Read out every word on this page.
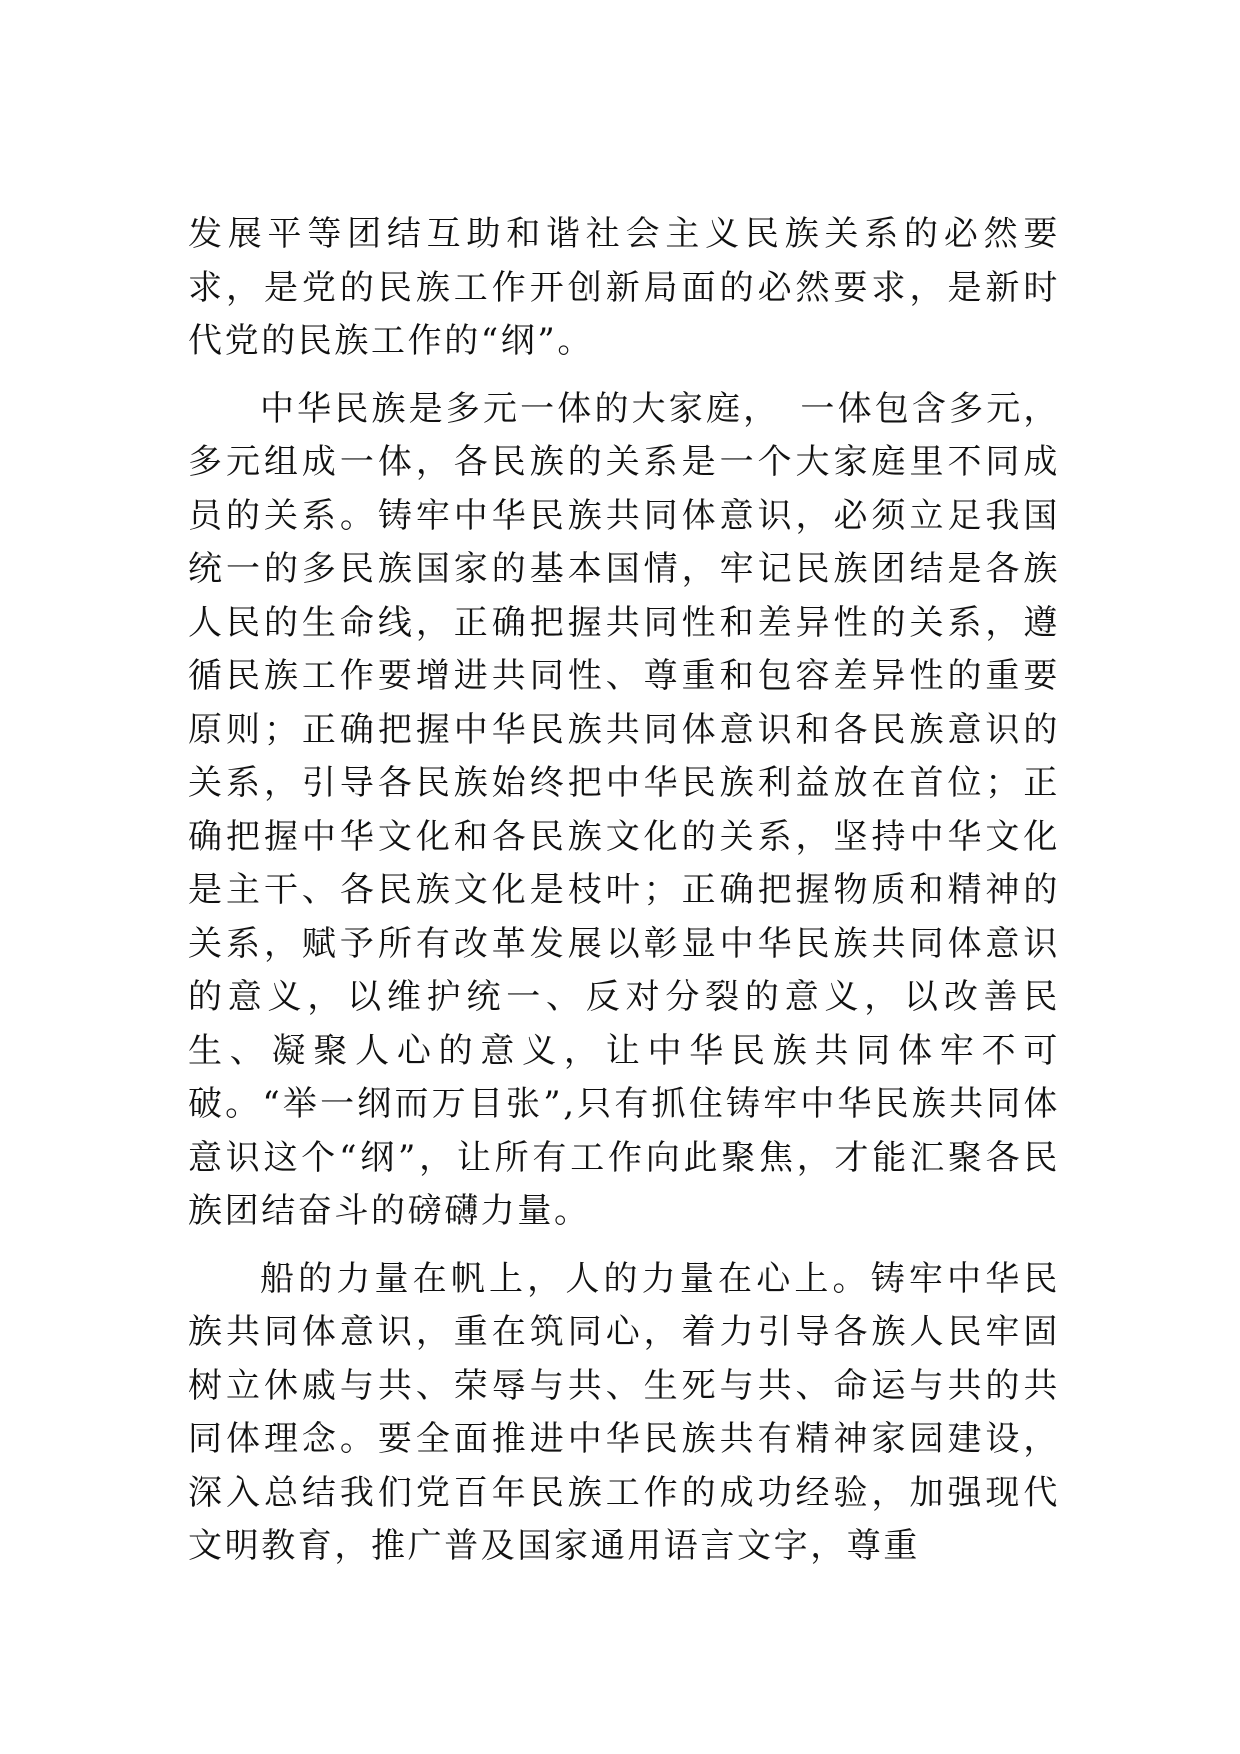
发展平等团结互助和谐社会主义民族关系的必然要求，是党的民族工作开创新局面的必然要求，是新时代党的民族工作的“纲”。

中华民族是多元一体的大家庭，　一体包含多元，多元组成一体，各民族的关系是一个大家庭里不同成员的关系。铸牢中华民族共同体意识，必须立足我国统一的多民族国家的基本国情，牢记民族团结是各族人民的生命线，正确把握共同性和差异性的关系，遵循民族工作要增进共同性、尊重和包容差异性的重要原则；正确把握中华民族共同体意识和各民族意识的关系，引导各民族始终把中华民族利益放在首位；正确把握中华文化和各民族文化的关系，坚持中华文化是主干、各民族文化是枝叶；正确把握物质和精神的关系，赋予所有改革发展以彰显中华民族共同体意识的意义，以维护统一、反对分裂的意义，以改善民生、凝聚人心的意义，让中华民族共同体牢不可破。“举一纲而万目张”,只有抓住铸牢中华民族共同体意识这个“纲”，让所有工作向此聚焦，才能汇聚各民族团结奋斗的磅礴力量。

船的力量在帆上，人的力量在心上。铸牢中华民族共同体意识，重在筑同心，着力引导各族人民牢固树立休戚与共、荣辱与共、生死与共、命运与共的共同体理念。要全面推进中华民族共有精神家园建设，深入总结我们党百年民族工作的成功经验，加强现代文明教育，推广普及国家通用语言文字，尊重
